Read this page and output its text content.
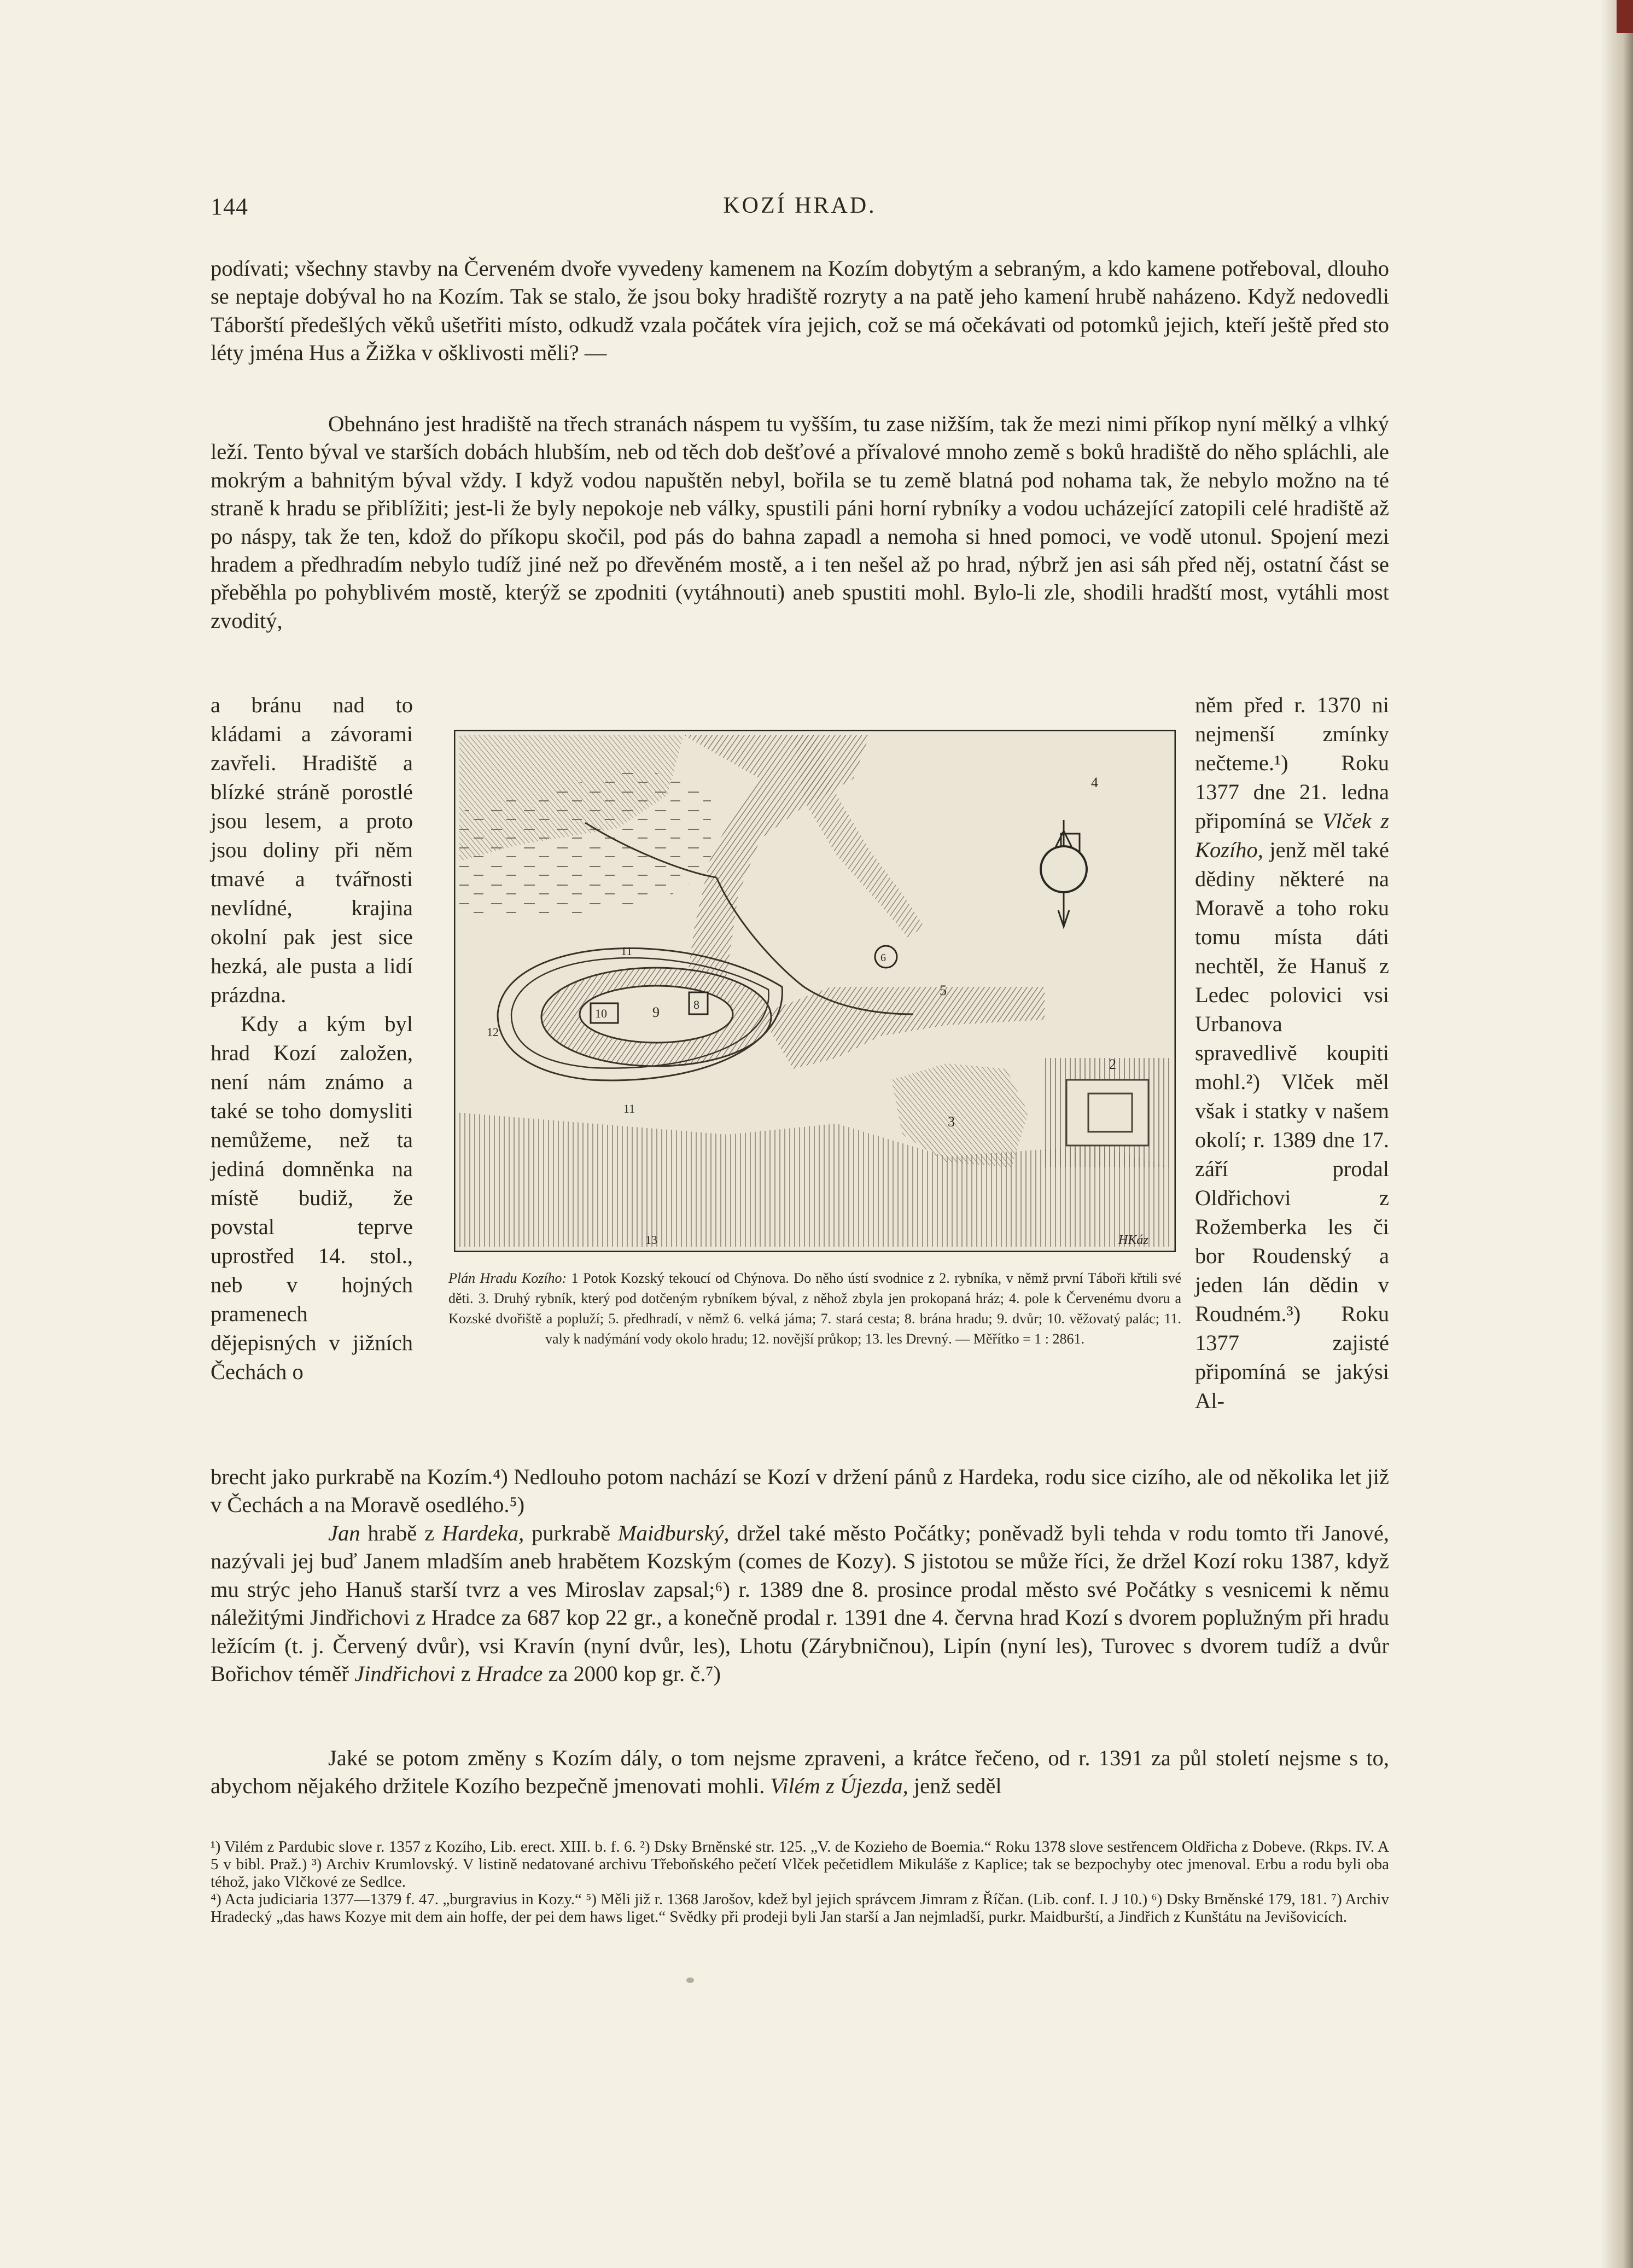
144	KOZÍ HRAD.

podívati; všechny stavby na Červeném dvoře vyvedeny kamenem na Kozím dobytým a sebraným, a kdo kamene potřeboval, dlouho se neptaje dobýval ho na Kozím. Tak se stalo, že jsou boky hradiště rozryty a na patě jeho kamení hrubě naházeno. Když nedovedli Táborští předešlých věků ušetřiti místo, odkudž vzala počátek víra jejich, což se má očekávati od potomků jejich, kteří ještě před sto léty jména Hus a Žižka v ošklivosti měli? —

Obehnáno jest hradiště na třech stranách náspem tu vyšším, tu zase nižším, tak že mezi nimi příkop nyní mělký a vlhký leží. Tento býval ve starších dobách hlubším, neb od těch dob dešťové a přívalové mnoho země s boků hradiště do něho spláchli, ale mokrým a bahnitým býval vždy. I když vodou napuštěn nebyl, bořila se tu země blatná pod nohama tak, že nebylo možno na té straně k hradu se přiblížiti; jest-li že byly nepokoje neb války, spustili páni horní rybníky a vodou ucházející zatopili celé hradiště až po náspy, tak že ten, kdož do příkopu skočil, pod pás do bahna zapadl a nemoha si hned pomoci, ve vodě utonul. Spojení mezi hradem a předhradím nebylo tudíž jiné než po dřevěném mostě, a i ten nešel až po hrad, nýbrž jen asi sáh před něj, ostatní část se přeběhla po pohyblivém mostě, kterýž se zpodniti (vytáhnouti) aneb spustiti mohl. Bylo-li zle, shodili hradští most, vytáhli most zvoditý,

a bránu nad to kládami a závorami zavřeli. Hradiště a blízké stráně porostlé jsou lesem, a proto jsou doliny při něm tmavé a tvářnosti nevlídné, krajina okolní pak jest sice hezká, ale pusta a lidí prázdna.
Kdy a kým byl hrad Kozí založen, není nám známo a také se toho domysliti nemůžeme, než ta jediná domněnka na místě budiž, že povstal teprve uprostřed 14. stol., neb v hojných pramenech dějepisných v jižních Čechách o

něm před r. 1370 ni nejmenší zmínky nečteme.¹) Roku 1377 dne 21. ledna připomíná se Vlček z Kozího, jenž měl také dědiny některé na Moravě a toho roku tomu místa dáti nechtěl, že Hanuš z Ledec polovici vsi Urbanova spravedlivě koupiti mohl.²) Vlček měl však i statky v našem okolí; r. 1389 dne 17. září prodal Oldřichovi z Rožemberka les či bor Roudenský a jeden lán dědin v Roudném.³) Roku 1377 zajisté připomíná se jakýsi Al-

2
3
4
5
6
8
9
10
11
11
12
13	HKáz

Plán Hradu Kozího: 1 Potok Kozský tekoucí od Chýnova. Do něho ústí svodnice z 2. rybníka, v němž první Táboři křtili své děti. 3. Druhý rybník, který pod dotčeným rybníkem býval, z něhož zbyla jen prokopaná hráz; 4. pole k Červenému dvoru a Kozské dvořiště a popluží; 5. předhradí, v němž 6. velká jáma; 7. stará cesta; 8. brána hradu; 9. dvůr; 10. věžovatý palác; 11. valy k nadýmání vody okolo hradu; 12. novější průkop; 13. les Drevný. — Měřítko = 1 : 2861.

brecht jako purkrabě na Kozím.⁴) Nedlouho potom nachází se Kozí v držení pánů z Hardeka, rodu sice cizího, ale od několika let již v Čechách a na Moravě osedlého.⁵)

Jan hrabě z Hardeka, purkrabě Maidburský, držel také město Počátky; poněvadž byli tehda v rodu tomto tři Janové, nazývali jej buď Janem mladším aneb hrabětem Kozským (comes de Kozy). S jistotou se může říci, že držel Kozí roku 1387, když mu strýc jeho Hanuš starší tvrz a ves Miroslav zapsal;⁶) r. 1389 dne 8. prosince prodal město své Počátky s vesnicemi k němu náležitými Jindřichovi z Hradce za 687 kop 22 gr., a konečně prodal r. 1391 dne 4. června hrad Kozí s dvorem poplužným při hradu ležícím (t. j. Červený dvůr), vsi Kravín (nyní dvůr, les), Lhotu (Zárybničnou), Lipín (nyní les), Turovec s dvorem tudíž a dvůr Bořichov téměř Jindřichovi z Hradce za 2000 kop gr. č.⁷)

Jaké se potom změny s Kozím dály, o tom nejsme zpraveni, a krátce řečeno, od r. 1391 za půl století nejsme s to, abychom nějakého držitele Kozího bezpečně jmenovati mohli. Vilém z Újezda, jenž seděl

¹) Vilém z Pardubic slove r. 1357 z Kozího, Lib. erect. XIII. b. f. 6. ²) Dsky Brněnské str. 125. „V. de Kozieho de Boemia.“ Roku 1378 slove sestřencem Oldřicha z Dobeve. (Rkps. IV. A 5 v bibl. Praž.) ³) Archiv Krumlovský. V listině nedatované archivu Třeboňského pečetí Vlček pečetidlem Mikuláše z Kaplice; tak se bezpochyby otec jmenoval. Erbu a rodu byli oba téhož, jako Vlčkové ze Sedlce.

⁴) Acta judiciaria 1377—1379 f. 47. „burgravius in Kozy.“ ⁵) Měli již r. 1368 Jarošov, kdež byl jejich správcem Jimram z Říčan. (Lib. conf. I. J 10.) ⁶) Dsky Brněnské 179, 181. ⁷) Archiv Hradecký „das haws Kozye mit dem ain hoffe, der pei dem haws liget.“ Svědky při prodeji byli Jan starší a Jan nejmladší, purkr. Maidburští, a Jindřich z Kunštátu na Jevišovicích.
